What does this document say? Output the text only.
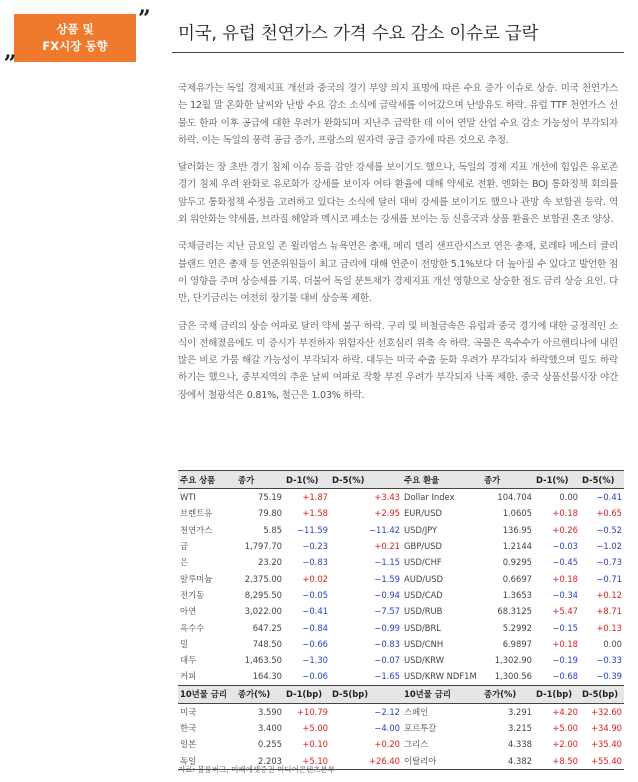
상품 및
FX시장 동향
„
”
미국, 유럽 천연가스 가격 수요 감소 이슈로 급락

국제유가는 독일 경제지표 개선과 중국의 경기 부양 의지 표명에 따른 수요 증가 이슈로 상승. 미국 천연가스는 12월 말 온화한 날씨와 난방 수요 감소 소식에 급락세를 이어갔으며 난방유도 하락. 유럽 TTF 천연가스 선물도 한파 이후 공급에 대한 우려가 완화되며 지난주 급락한 데 이어 연말 산업 수요 감소 가능성이 부각되자 하락. 이는 독일의 풍력 공급 증가, 프랑스의 원자력 공급 증가에 따른 것으로 추정.

달러화는 장 초반 경기 침체 이슈 등을 감안 강세를 보이기도 했으나, 독일의 경제 지표 개선에 힘입은 유로존 경기 침체 우려 완화로 유로화가 강세를 보이자 여타 환율에 대해 약세로 전환. 엔화는 BOJ 통화정책 회의를 앞두고 통화정책 수정을 고려하고 있다는 소식에 달러 대비 강세를 보이기도 했으나 관망 속 보합권 등락. 역외 위안화는 약세를, 브라질 헤알과 멕시코 페소는 강세를 보이는 등 신흥국과 상품 환율은 보합권 혼조 양상.

국채금리는 지난 금요일 존 윌리엄스 뉴욕연은 총재, 메리 델리 샌프란시스코 연은 총재, 로레타 메스터 클리블랜드 연은 총재 등 연준위원들이 최고 금리에 대해 연준이 전망한 5.1%보다 더 높아질 수 있다고 발언한 점이 영향을 주며 상승세를 기록. 더불어 독일 분트채가 경제지표 개선 영향으로 상승한 점도 금리 상승 요인. 다만, 단기금리는 여전히 장기물 대비 상승폭 제한.

금은 국채 금리의 상승 여파로 달러 약세 불구 하락. 구리 및 비철금속은 유럽과 중국 경기에 대한 긍정적인 소식이 전해졌음에도 미 증시가 부진하자 위험자산 선호심리 위축 속 하락. 곡물은 옥수수가 아르헨티나에 내린 많은 비로 가뭄 해갈 가능성이 부각되자 하락. 대두는 미국 수출 둔화 우려가 부각되자 하락했으며 밀도 하락하기는 했으나, 중부지역의 추운 날씨 여파로 작황 부진 우려가 부각되자 낙폭 제한. 중국 상품선물시장 야간장에서 철광석은 0.81%, 철근은 1.03% 하락.

주요 상품	종가	D-1(%)	D-5(%)	주요 환율	종가	D-1(%)	D-5(%)
WTI	75.19	+1.87	+3.43	Dollar Index	104.704	0.00	−0.41
브렌트유	79.80	+1.58	+2.95	EUR/USD	1.0605	+0.18	+0.65
천연가스	5.85	−11.59	−11.42	USD/JPY	136.95	+0.26	−0.52
금	1,797.70	−0.23	+0.21	GBP/USD	1.2144	−0.03	−1.02
은	23.20	−0.83	−1.15	USD/CHF	0.9295	−0.45	−0.73
알루미늄	2,375.00	+0.02	−1.59	AUD/USD	0.6697	+0.18	−0.71
전기동	8,295.50	−0.05	−0.94	USD/CAD	1.3653	−0.34	+0.12
아연	3,022.00	−0.41	−7.57	USD/RUB	68.3125	+5.47	+8.71
옥수수	647.25	−0.84	−0.99	USD/BRL	5.2992	−0.15	+0.13
밀	748.50	−0.66	−0.83	USD/CNH	6.9897	+0.18	0.00
대두	1,463.50	−1.30	−0.07	USD/KRW	1,302.90	−0.19	−0.33
커피	164.30	−0.06	−1.65	USD/KRW NDF1M	1,300.56	−0.68	−0.39
10년물 금리	종가(%)	D-1(bp)	D-5(bp)	10년물 금리	종가(%)	D-1(bp)	D-5(bp)
미국	3.590	+10.79	−2.12	스페인	3.291	+4.20	+32.60
한국	3.400	+5.00	−4.00	포르투갈	3.215	+5.00	+34.90
일본	0.255	+0.10	+0.20	그리스	4.338	+2.00	+35.40
독일	2.203	+5.10	+26.40	이탈리아	4.382	+8.50	+55.40
자료: 블룸버그, 미래에셋증권 미디어콘텐츠본부
